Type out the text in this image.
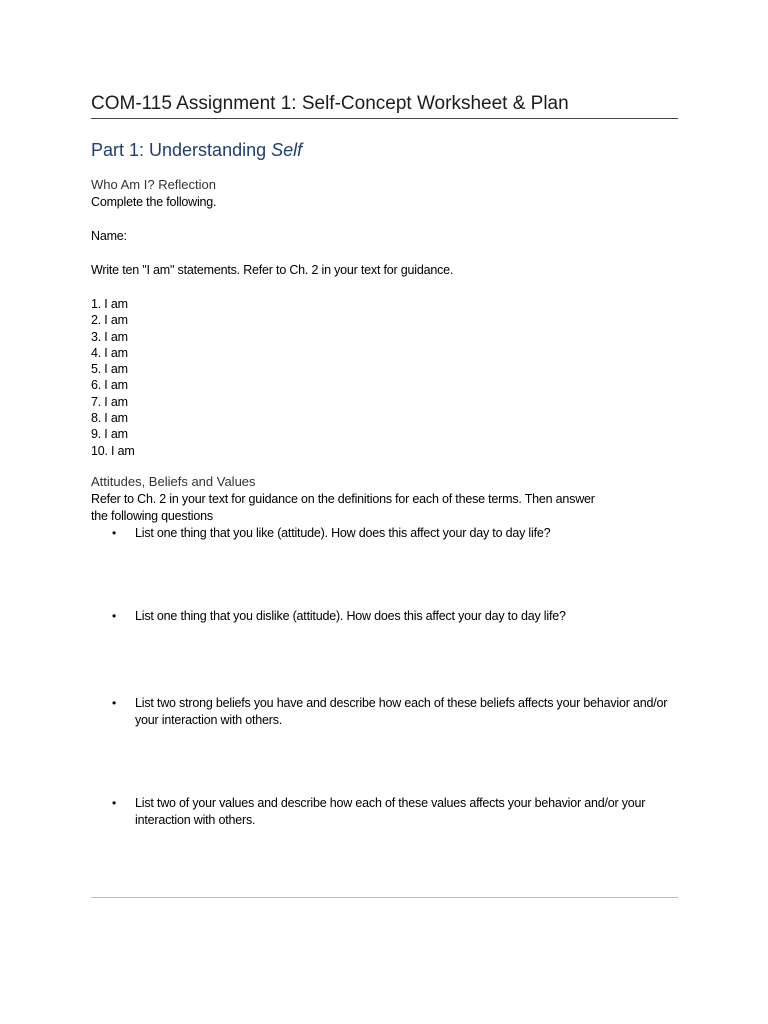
COM-115 Assignment 1: Self-Concept Worksheet & Plan
Part 1: Understanding Self
Who Am I? Reflection
Complete the following.
Name:
Write ten "I am" statements. Refer to Ch. 2 in your text for guidance.
1. I am
2. I am
3. I am
4. I am
5. I am
6. I am
7. I am
8. I am
9. I am
10. I am
Attitudes, Beliefs and Values
Refer to Ch. 2 in your text for guidance on the definitions for each of these terms. Then answer
the following questions
• List one thing that you like (attitude). How does this affect your day to day life?
• List one thing that you dislike (attitude). How does this affect your day to day life?
• List two strong beliefs you have and describe how each of these beliefs affects your behavior and/or your interaction with others.
• List two of your values and describe how each of these values affects your behavior and/or your interaction with others.
